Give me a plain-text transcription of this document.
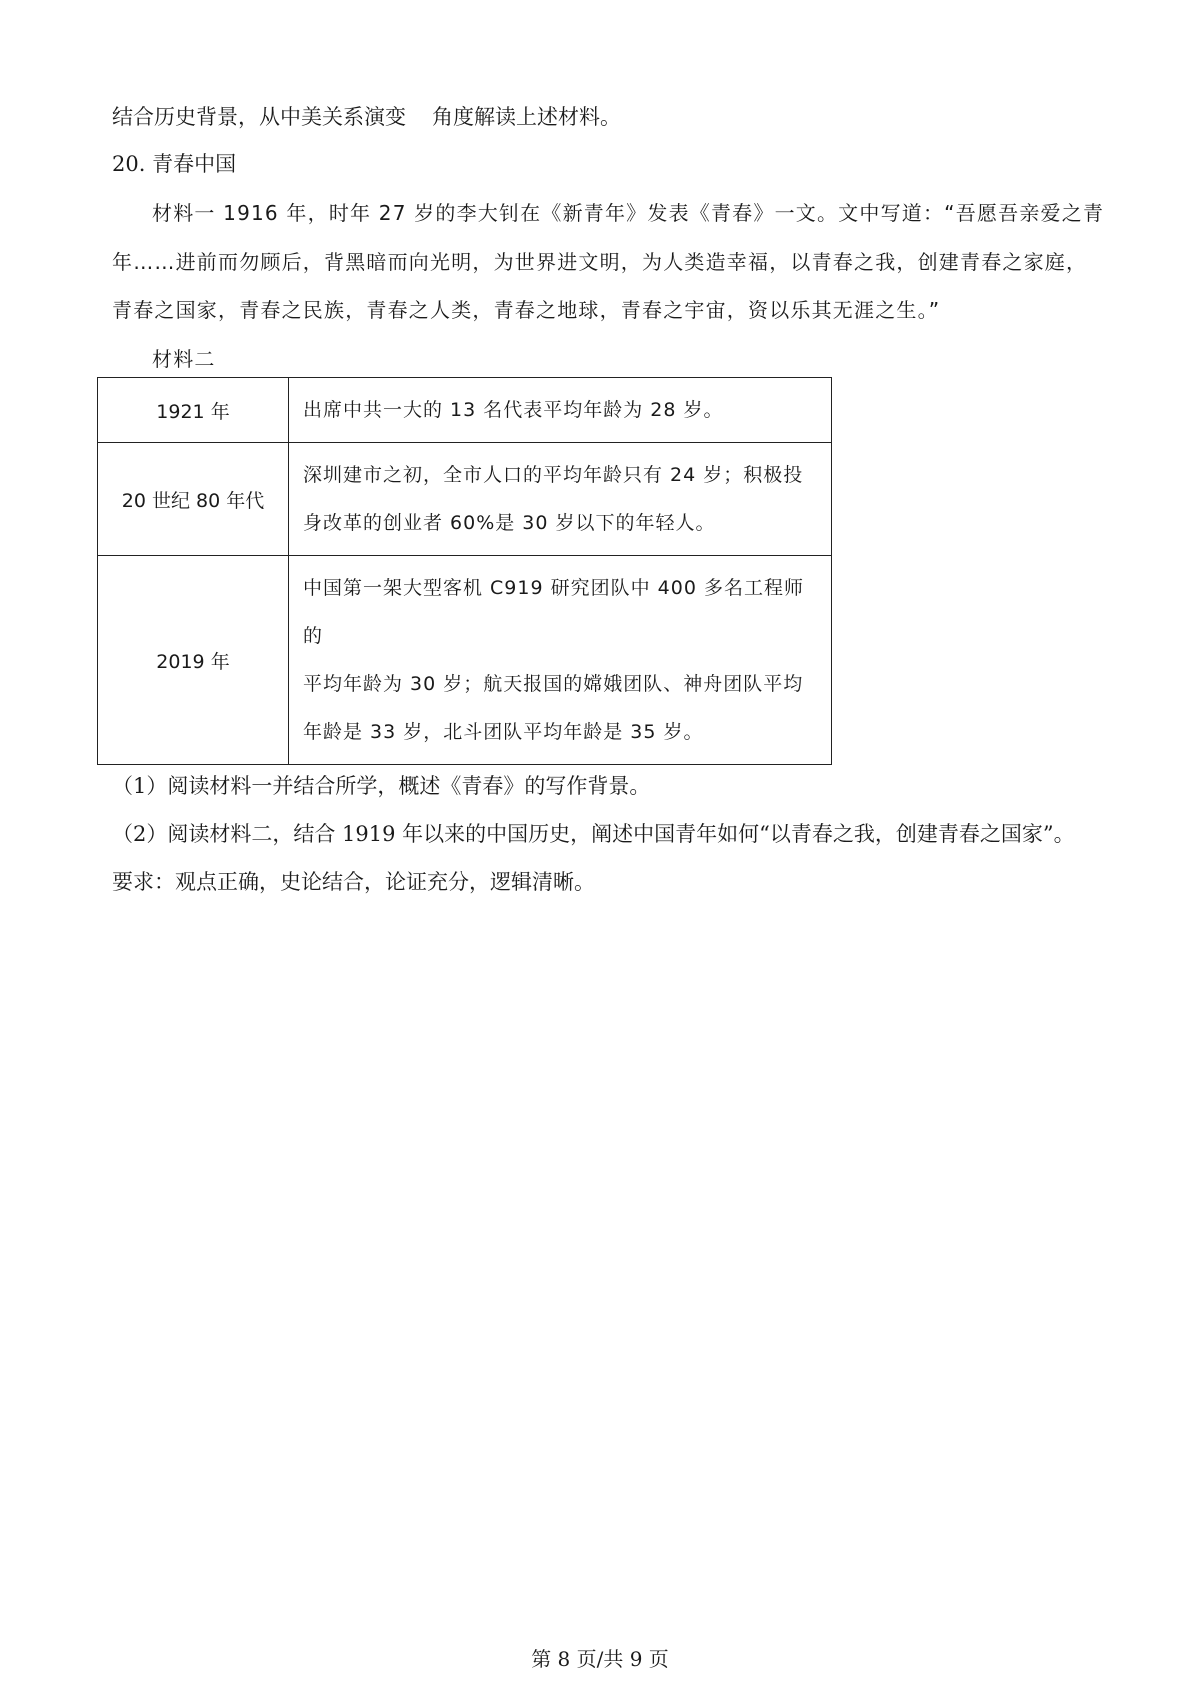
结合历史背景，从中美关系演变 角度解读上述材料。
20. 青春中国
材料一 1916 年，时年 27 岁的李大钊在《新青年》发表《青春》一文。文中写道：“吾愿吾亲爱之青
年……进前而勿顾后，背黑暗而向光明，为世界进文明，为人类造幸福，以青春之我，创建青春之家庭，
青春之国家，青春之民族，青春之人类，青春之地球，青春之宇宙，资以乐其无涯之生。”
材料二
1921 年	出席中共一大的 13 名代表平均年龄为 28 岁。

20 世纪 80 年代	深圳建市之初，全市人口的平均年龄只有 24 岁；积极投
身改革的创业者 60%是 30 岁以下的年轻人。

2019 年	中国第一架大型客机 C919 研究团队中 400 多名工程师的
平均年龄为 30 岁；航天报国的嫦娥团队、神舟团队平均
年龄是 33 岁，北斗团队平均年龄是 35 岁。
（1）阅读材料一并结合所学，概述《青春》的写作背景。
（2）阅读材料二，结合 1919 年以来的中国历史，阐述中国青年如何“以青春之我，创建青春之国家”。
要求：观点正确，史论结合，论证充分，逻辑清晰。
第 8 页/共 9 页
